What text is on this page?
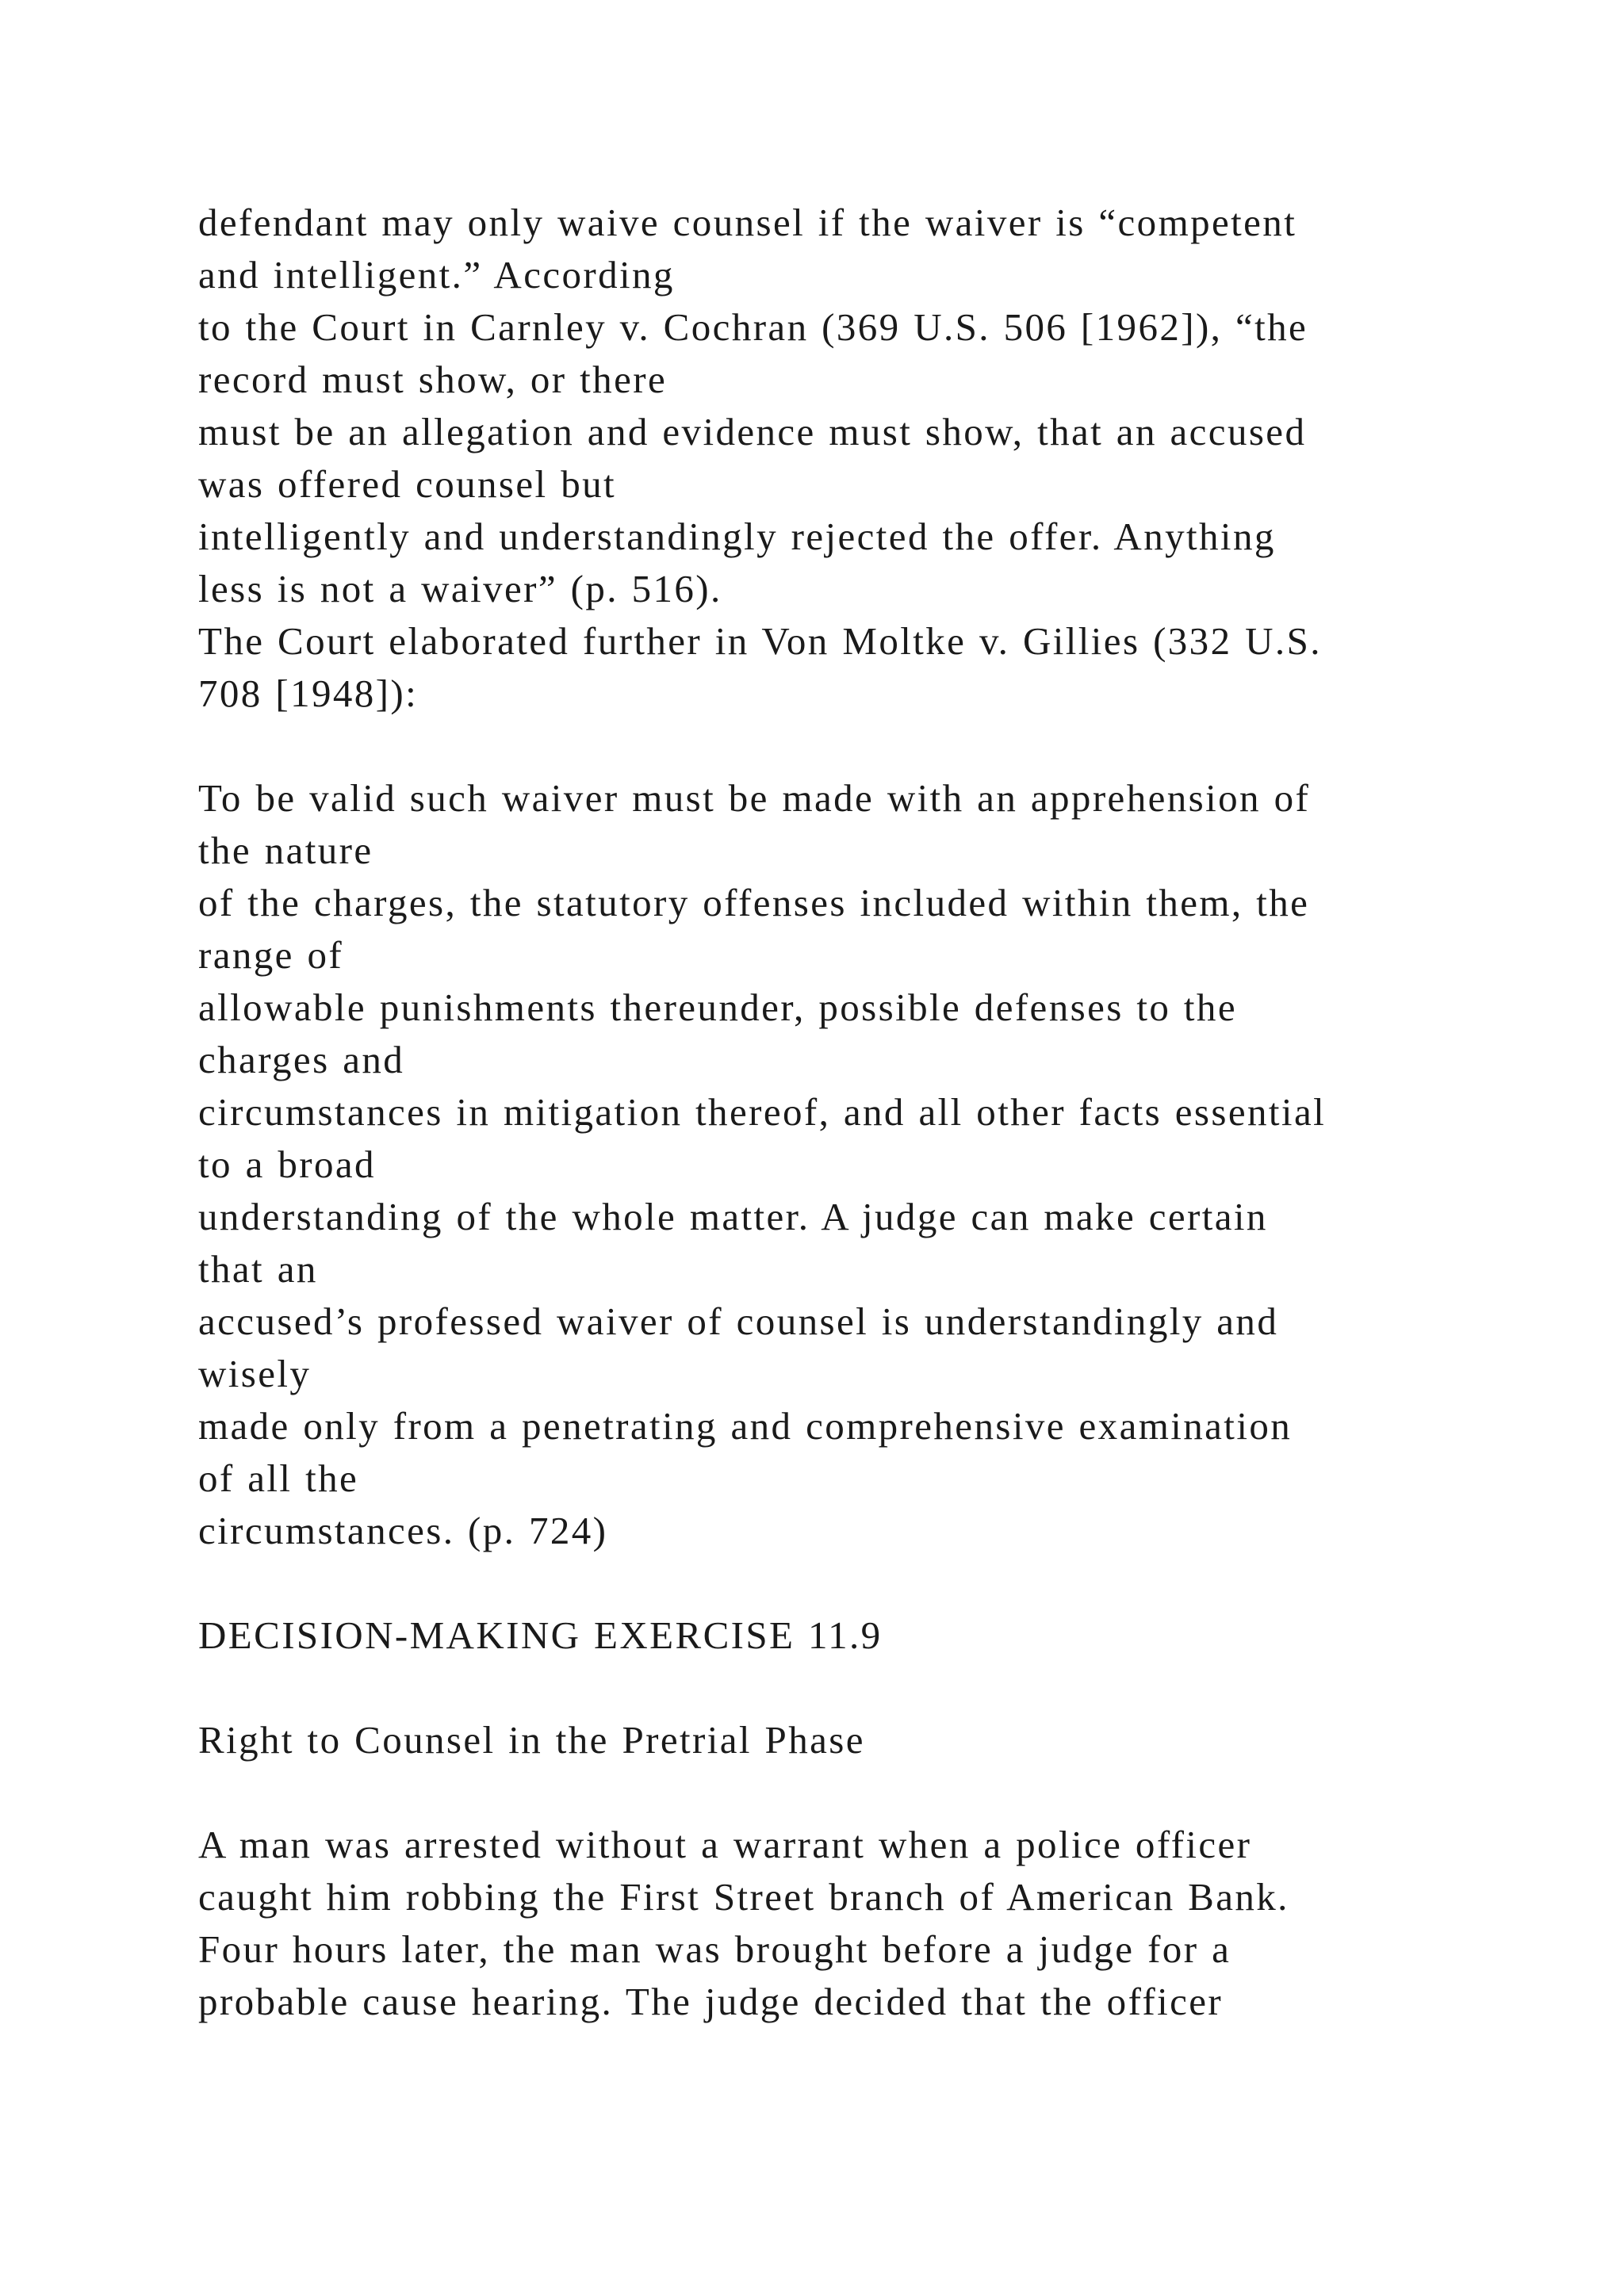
defendant may only waive counsel if the waiver is “competent
and intelligent.” According
to the Court in Carnley v. Cochran (369 U.S. 506 [1962]), “the
record must show, or there
must be an allegation and evidence must show, that an accused
was offered counsel but
intelligently and understandingly rejected the offer. Anything
less is not a waiver” (p. 516).
The Court elaborated further in Von Moltke v. Gillies (332 U.S.
708 [1948]):
To be valid such waiver must be made with an apprehension of
the nature
of the charges, the statutory offenses included within them, the
range of
allowable punishments thereunder, possible defenses to the
charges and
circumstances in mitigation thereof, and all other facts essential
to a broad
understanding of the whole matter. A judge can make certain
that an
accused’s professed waiver of counsel is understandingly and
wisely
made only from a penetrating and comprehensive examination
of all the
circumstances. (p. 724)
DECISION-MAKING EXERCISE 11.9
Right to Counsel in the Pretrial Phase
A man was arrested without a warrant when a police officer
caught him robbing the First Street branch of American Bank.
Four hours later, the man was brought before a judge for a
probable cause hearing. The judge decided that the officer
